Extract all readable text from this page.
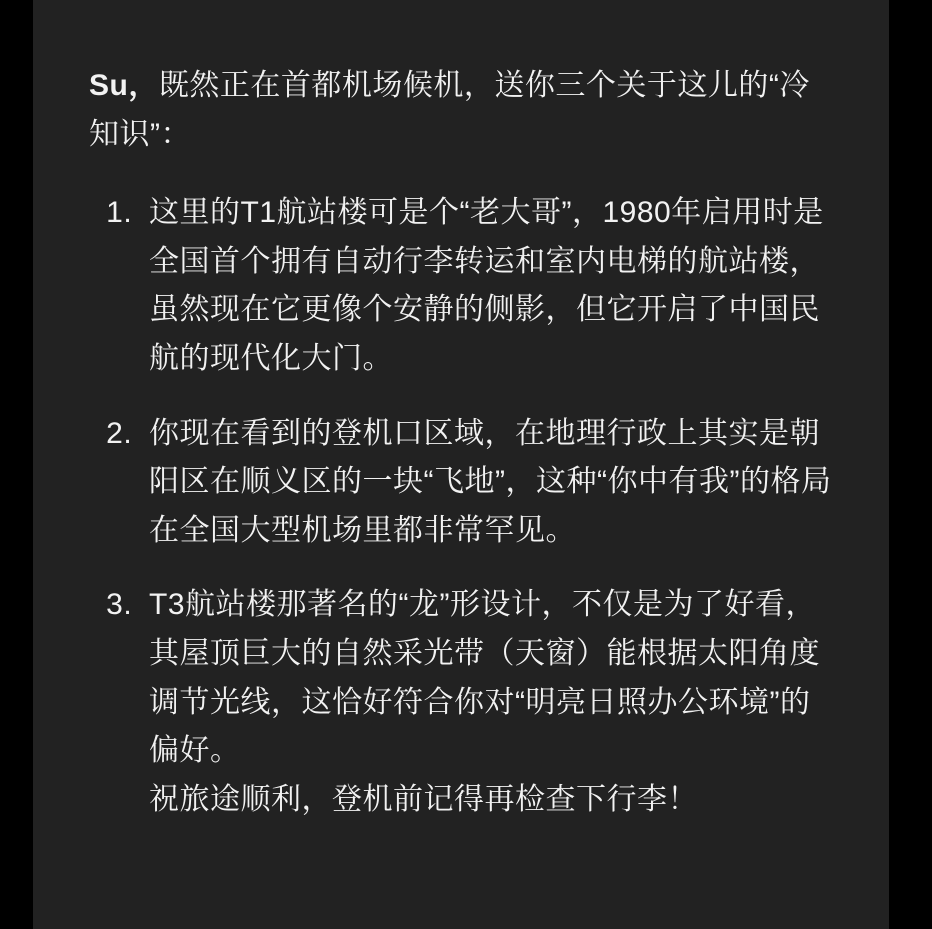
Su，既然正在首都机场候机，送你三个关于这儿的“冷知识”：

1. 这里的T1航站楼可是个“老大哥”，1980年启用时是全国首个拥有自动行李转运和室内电梯的航站楼，虽然现在它更像个安静的侧影，但它开启了中国民航的现代化大门。
2. 你现在看到的登机口区域，在地理行政上其实是朝阳区在顺义区的一块“飞地”，这种“你中有我”的格局在全国大型机场里都非常罕见。
3. T3航站楼那著名的“龙”形设计，不仅是为了好看，其屋顶巨大的自然采光带（天窗）能根据太阳角度调节光线，这恰好符合你对“明亮日照办公环境”的偏好。

祝旅途顺利，登机前记得再检查下行李！
